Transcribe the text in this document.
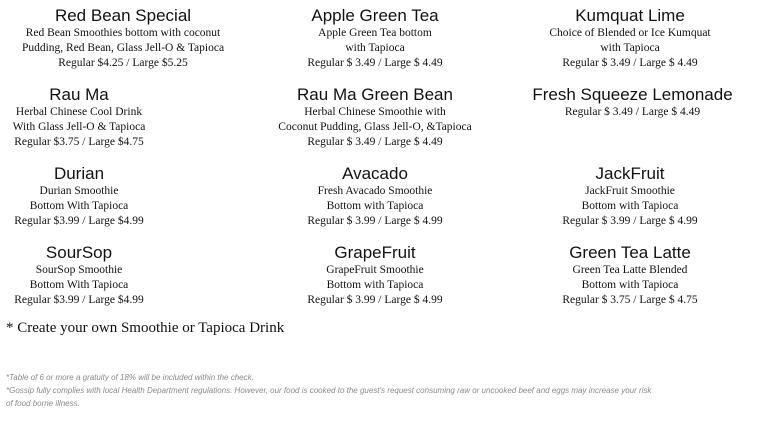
Red Bean Special
Red Bean Smoothies bottom with coconut
Pudding, Red Bean, Glass Jell-O & Tapioca
Regular $4.25 / Large $5.25
Apple Green Tea
Apple Green Tea bottom
with Tapioca
Regular $ 3.49 / Large $ 4.49
Kumquat Lime
Choice of Blended or Ice Kumquat
with Tapioca
Regular $ 3.49 / Large $ 4.49
Rau Ma
Herbal Chinese Cool Drink
With Glass Jell-O & Tapioca
Regular $3.75 / Large $4.75
Rau Ma Green Bean
Herbal Chinese Smoothie with
Coconut Pudding, Glass Jell-O, &Tapioca
Regular $ 3.49 / Large $ 4.49
Fresh Squeeze Lemonade
Regular $ 3.49 / Large $ 4.49
Durian
Durian Smoothie
Bottom With Tapioca
Regular $3.99 / Large $4.99
Avacado
Fresh Avacado Smoothie
Bottom with Tapioca
Regular $ 3.99 / Large $ 4.99
JackFruit
JackFruit Smoothie
Bottom with Tapioca
Regular $ 3.99 / Large $ 4.99
SourSop
SourSop Smoothie
Bottom With Tapioca
Regular $3.99 / Large $4.99
GrapeFruit
GrapeFruit Smoothie
Bottom with Tapioca
Regular $ 3.99 / Large $ 4.99
Green Tea Latte
Green Tea Latte Blended
Bottom with Tapioca
Regular $ 3.75 / Large $ 4.75
* Create your own Smoothie or Tapioca Drink
*Table of 6 or more a gratuity of 18% will be included within the check.
*Gossip fully complies with local Health Department regulations. However, our food is cooked to the guest's request consuming raw or uncooked beef and eggs may increase your risk
of food borne illness.
